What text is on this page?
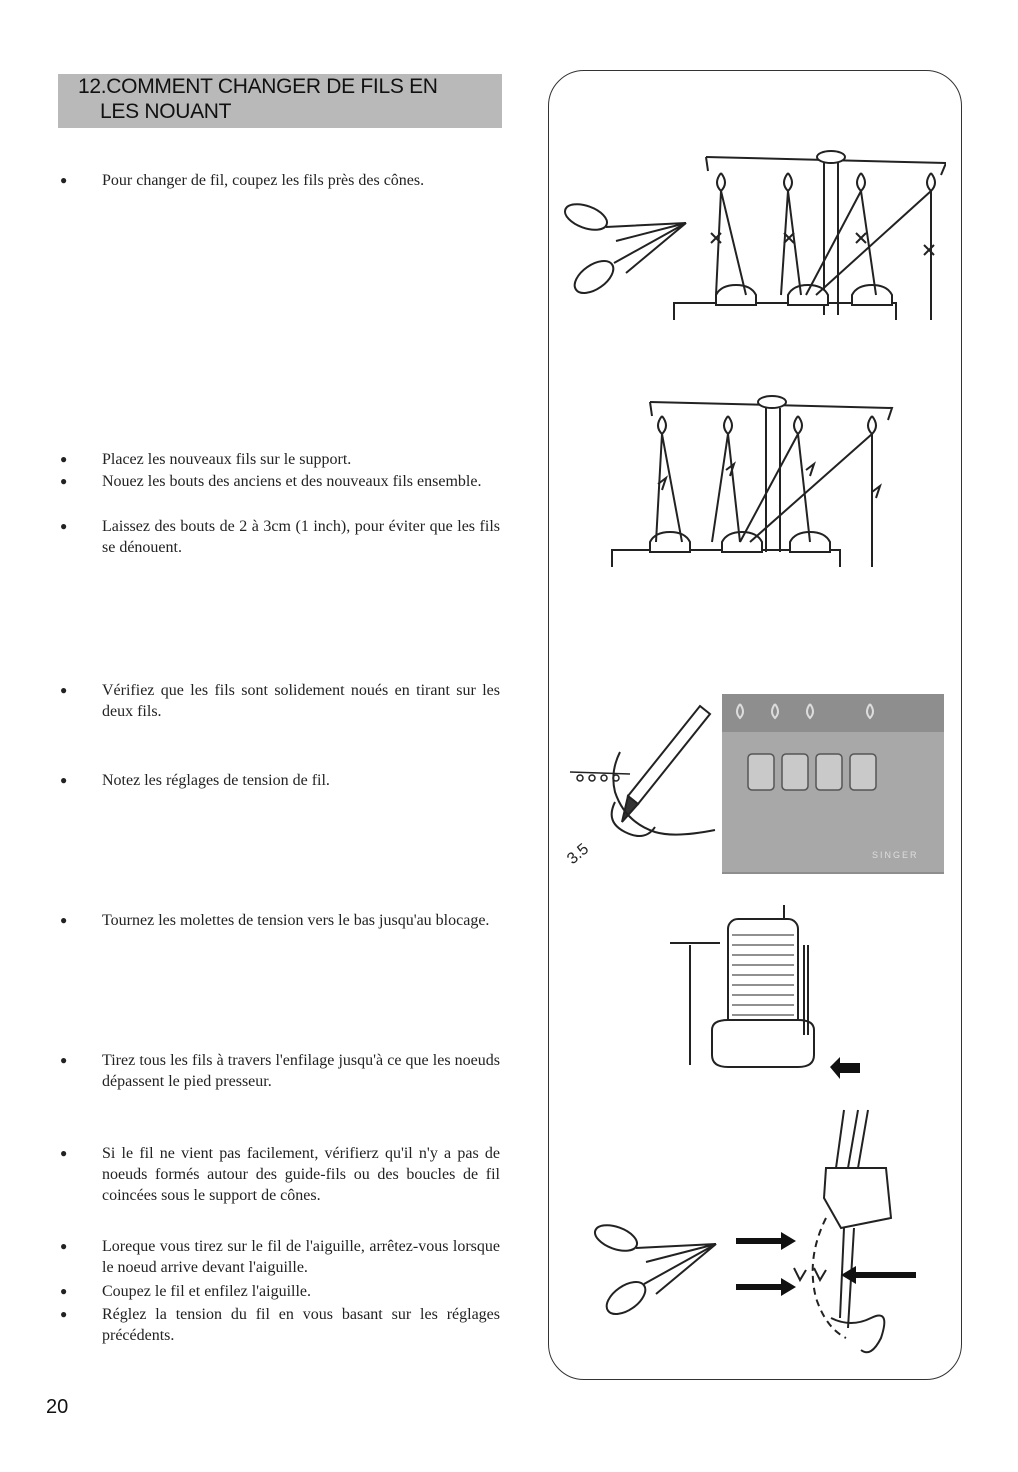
12.COMMENT CHANGER DE FILS EN
LES NOUANT
● Pour changer de fil, coupez les fils près des cônes.
● Placez les nouveaux fils sur le support.
● Nouez les bouts des anciens et des nouveaux fils ensemble.
● Laissez des bouts de 2 à 3cm (1 inch), pour éviter que les fils se dénouent.
● Vérifiez que les fils sont solidement noués en tirant sur les deux fils.
● Notez les réglages de tension de fil.
● Tournez les molettes de tension vers le bas jusqu'au blocage.
● Tirez tous les fils à travers l'enfilage jusqu'à ce que les noeuds dépassent le pied presseur.
● Si le fil ne vient pas facilement, vérifierz qu'il n'y a pas de noeuds formés autour des guide-fils ou des boucles de fil coincées sous le support de cônes.
● Loreque vous tirez sur le fil de l'aiguille, arrêtez-vous lorsque le noeud arrive devant l'aiguille.
● Coupez le fil et enfilez l'aiguille.
● Réglez la tension du fil en vous basant sur les réglages précédents.
SINGER
3.5
20
